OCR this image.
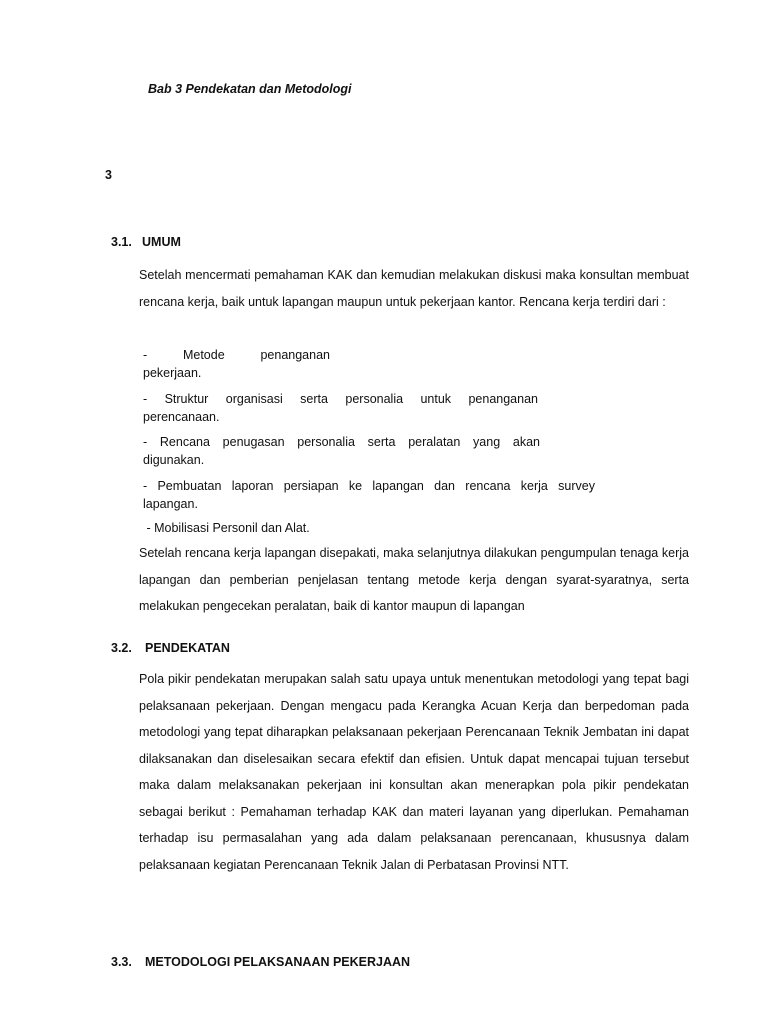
Bab 3 Pendekatan dan Metodologi
3
3.1. UMUM

Setelah mencermati pemahaman KAK dan kemudian melakukan diskusi maka konsultan membuat rencana kerja, baik untuk lapangan maupun untuk pekerjaan kantor. Rencana kerja terdiri dari :

-      Metode      penanganan
pekerjaan.
- Struktur organisasi serta personalia untuk penanganan
perencanaan.
- Rencana penugasan personalia serta peralatan yang akan
digunakan.
- Pembuatan laporan persiapan ke lapangan dan rencana kerja survey
lapangan.
- Mobilisasi Personil dan Alat.

Setelah rencana kerja lapangan disepakati, maka selanjutnya dilakukan pengumpulan tenaga kerja lapangan dan pemberian penjelasan tentang metode kerja dengan syarat-syaratnya, serta melakukan pengecekan peralatan, baik di kantor maupun di lapangan

3.2. PENDEKATAN

Pola pikir pendekatan merupakan salah satu upaya untuk menentukan metodologi yang tepat bagi pelaksanaan pekerjaan. Dengan mengacu pada Kerangka Acuan Kerja dan berpedoman pada metodologi yang tepat diharapkan pelaksanaan pekerjaan Perencanaan Teknik Jembatan ini dapat dilaksanakan dan diselesaikan secara efektif dan efisien. Untuk dapat mencapai tujuan tersebut maka dalam melaksanakan pekerjaan ini konsultan akan menerapkan pola pikir pendekatan sebagai berikut : Pemahaman terhadap KAK dan materi layanan yang diperlukan. Pemahaman terhadap isu permasalahan yang ada dalam pelaksanaan perencanaan, khususnya dalam pelaksanaan kegiatan Perencanaan Teknik Jalan di Perbatasan Provinsi NTT.

3.3. METODOLOGI PELAKSANAAN PEKERJAAN
